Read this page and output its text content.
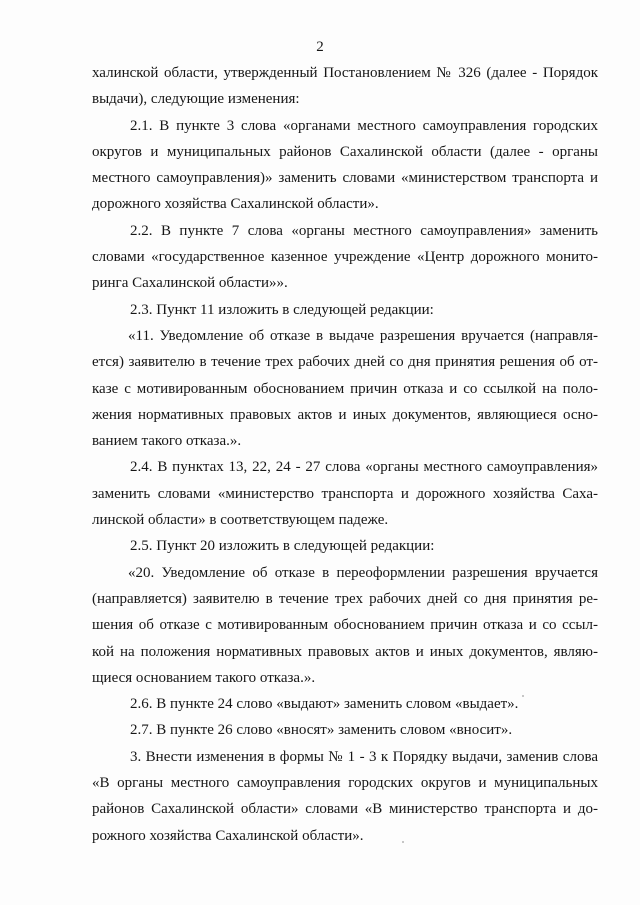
2
халинской области, утвержденный Постановлением № 326 (далее - Порядок
выдачи), следующие изменения:
2.1. В пункте 3 слова «органами местного самоуправления городских
округов и муниципальных районов Сахалинской области (далее - органы
местного самоуправления)» заменить словами «министерством транспорта и
дорожного хозяйства Сахалинской области».
2.2. В пункте 7 слова «органы местного самоуправления» заменить
словами «государственное казенное учреждение «Центр дорожного монито-
ринга Сахалинской области»».
2.3. Пункт 11 изложить в следующей редакции:
«11. Уведомление об отказе в выдаче разрешения вручается (направля-
ется) заявителю в течение трех рабочих дней со дня принятия решения об от-
казе с мотивированным обоснованием причин отказа и со ссылкой на поло-
жения нормативных правовых актов и иных документов, являющиеся осно-
ванием такого отказа.».
2.4. В пунктах 13, 22, 24 - 27 слова «органы местного самоуправления»
заменить словами «министерство транспорта и дорожного хозяйства Саха-
линской области» в соответствующем падеже.
2.5. Пункт 20 изложить в следующей редакции:
«20. Уведомление об отказе в переоформлении разрешения вручается
(направляется) заявителю в течение трех рабочих дней со дня принятия ре-
шения об отказе с мотивированным обоснованием причин отказа и со ссыл-
кой на положения нормативных правовых актов и иных документов, являю-
щиеся основанием такого отказа.».
2.6. В пункте 24 слово «выдают» заменить словом «выдает».
2.7. В пункте 26 слово «вносят» заменить словом «вносит».
3. Внести изменения в формы № 1 - 3 к Порядку выдачи, заменив слова
«В органы местного самоуправления городских округов и муниципальных
районов Сахалинской области» словами «В министерство транспорта и до-
рожного хозяйства Сахалинской области».
